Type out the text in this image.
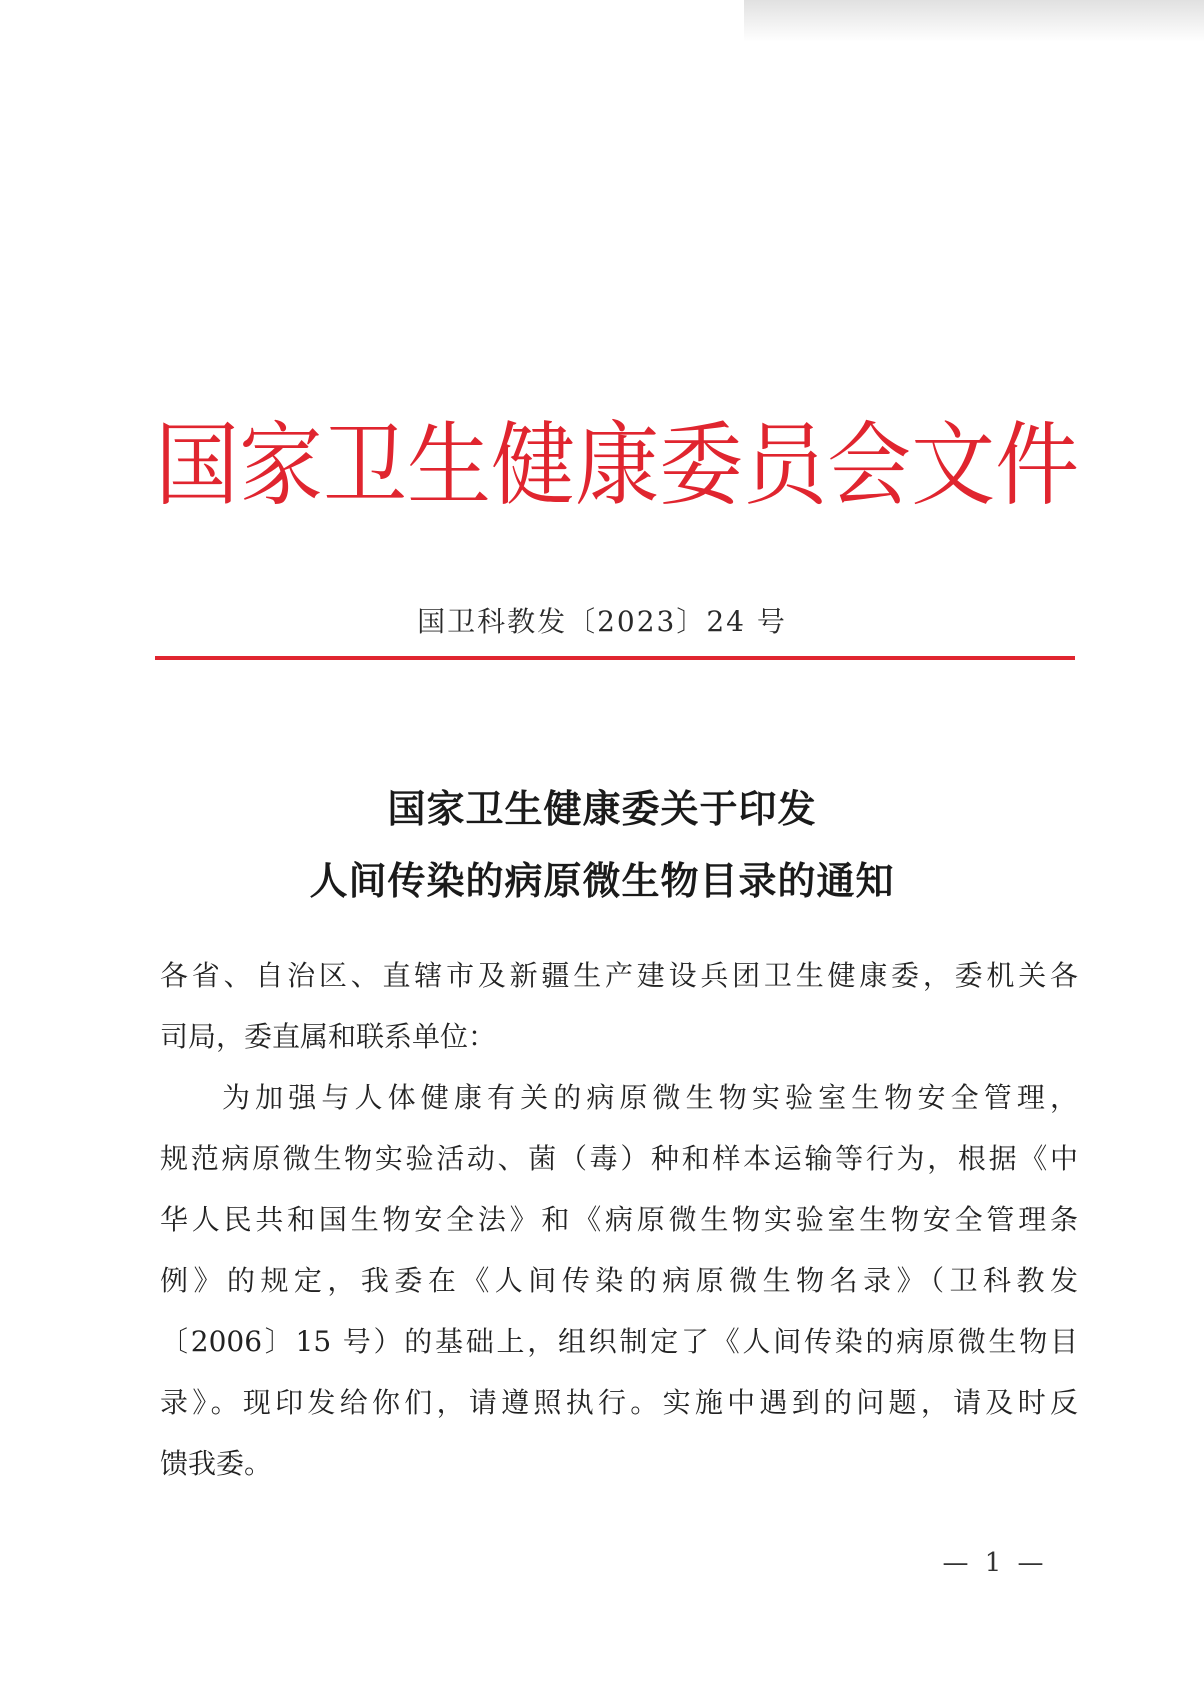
国 家 卫 生 健 康 委 员 会 文 件
国卫科教发〔2023〕24 号
国家卫生健康委关于印发
人间传染的病原微生物目录的通知
各省、自治区、直辖市及新疆生产建设兵团卫生健康委，委机关各
司局，委直属和联系单位：
为加强与人体健康有关的病原微生物实验室生物安全管理，
规范病原微生物实验活动、菌（毒）种和样本运输等行为，根据《中
华人民共和国生物安全法》和《病原微生物实验室生物安全管理条
例》的规定，我委在《人间传染的病原微生物名录》（卫科教发
〔2006〕15 号）的基础上，组织制定了《人间传染的病原微生物目
录》。现印发给你们，请遵照执行。实施中遇到的问题，请及时反
馈我委。
— 1 —
